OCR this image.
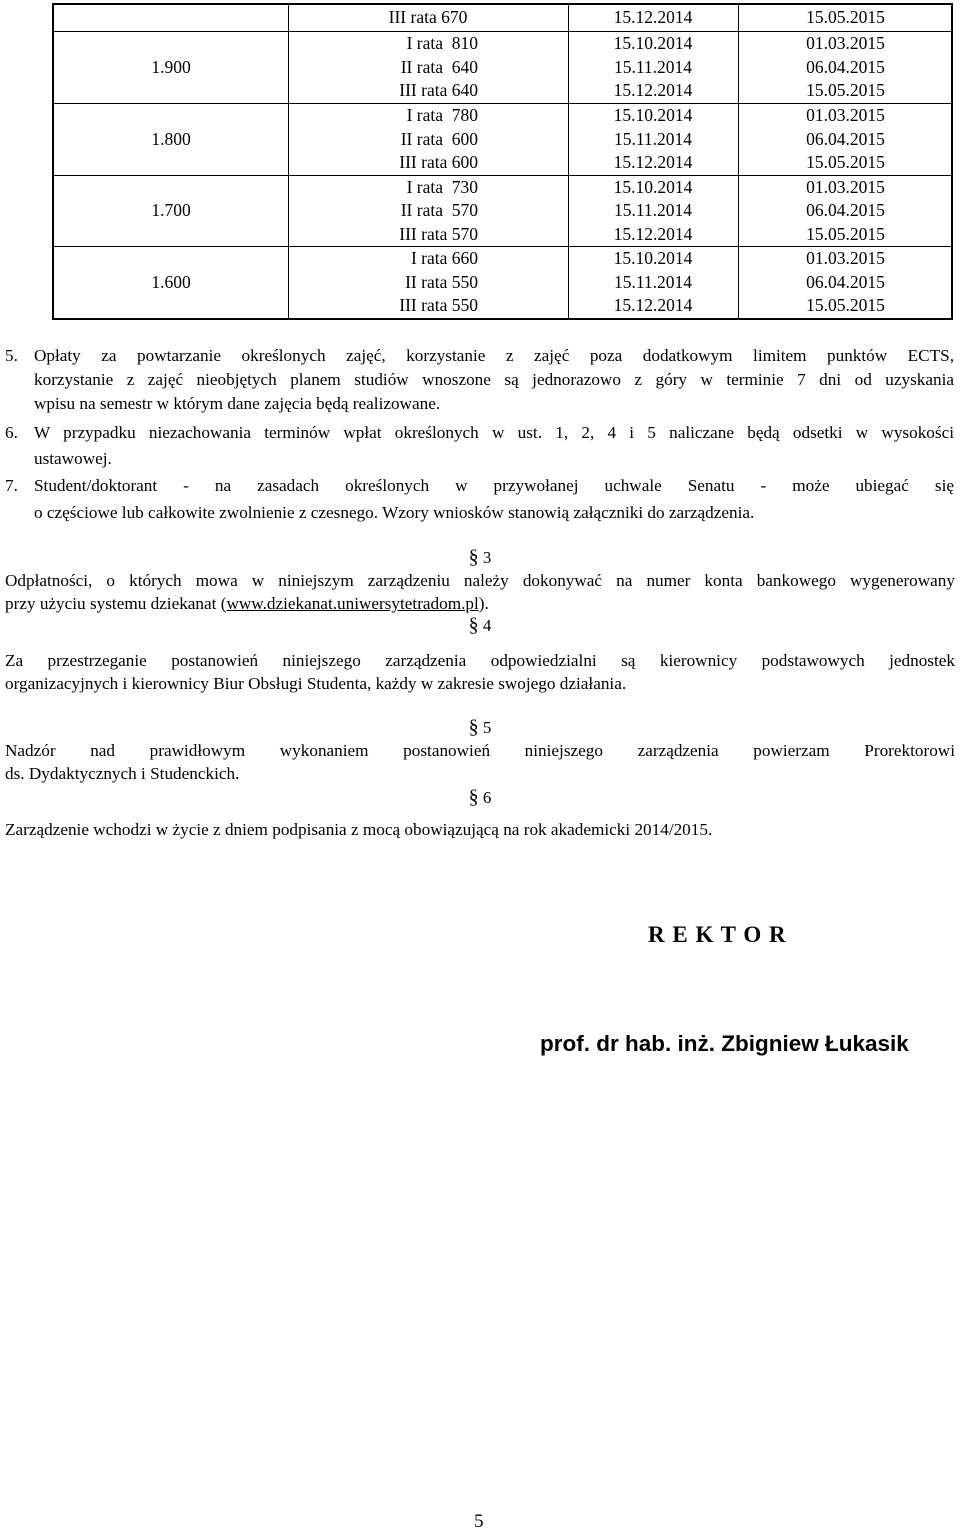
III rata 670	15.12.2014	15.05.2015
1.900
I rata  810
II rata  640
III rata 640
15.10.2014
15.11.2014
15.12.2014
01.03.2015
06.04.2015
15.05.2015
1.800
I rata  780
II rata  600
III rata 600
15.10.2014
15.11.2014
15.12.2014
01.03.2015
06.04.2015
15.05.2015
1.700
I rata  730
II rata  570
III rata 570
15.10.2014
15.11.2014
15.12.2014
01.03.2015
06.04.2015
15.05.2015
1.600
I rata 660
II rata 550
III rata 550
15.10.2014
15.11.2014
15.12.2014
01.03.2015
06.04.2015
15.05.2015
5. Opłaty za powtarzanie określonych zajęć, korzystanie z zajęć poza dodatkowym limitem punktów ECTS,
korzystanie z zajęć nieobjętych planem studiów wnoszone są jednorazowo z góry w terminie 7 dni od uzyskania
wpisu na semestr w którym dane zajęcia będą realizowane.
6. W przypadku niezachowania terminów wpłat określonych w ust. 1, 2, 4 i 5 naliczane będą odsetki w wysokości
ustawowej.
7. Student/doktorant - na zasadach określonych w przywołanej uchwale Senatu - może ubiegać się
o częściowe lub całkowite zwolnienie z czesnego. Wzory wniosków stanowią załączniki do zarządzenia.
§ 3
Odpłatności, o których mowa w niniejszym zarządzeniu należy dokonywać na numer konta bankowego wygenerowany
przy użyciu systemu dziekanat (www.dziekanat.uniwersytetradom.pl).
§ 4
Za przestrzeganie postanowień niniejszego zarządzenia odpowiedzialni są kierownicy podstawowych jednostek
organizacyjnych i kierownicy Biur Obsługi Studenta, każdy w zakresie swojego działania.
§ 5
Nadzór nad prawidłowym wykonaniem postanowień niniejszego zarządzenia powierzam Prorektorowi
ds. Dydaktycznych i Studenckich.
§ 6
Zarządzenie wchodzi w życie z dniem podpisania z mocą obowiązującą na rok akademicki 2014/2015.
R E K T O R
prof. dr hab. inż. Zbigniew Łukasik
5
